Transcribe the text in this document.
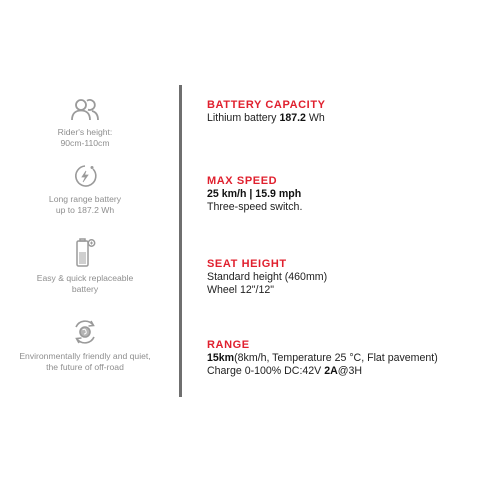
Rider's height:
90cm-110cm
Long range battery
up to 187.2 Wh
Easy & quick replaceable
battery
Environmentally friendly and quiet,
the future of off-road
BATTERY CAPACITY
Lithium battery 187.2 Wh
MAX SPEED
25 km/h | 15.9 mph
Three-speed switch.
SEAT HEIGHT
Standard height (460mm)
Wheel 12"/12"
RANGE
15km(8km/h, Temperature 25 °C, Flat pavement)
Charge 0-100% DC:42V 2A@3H
